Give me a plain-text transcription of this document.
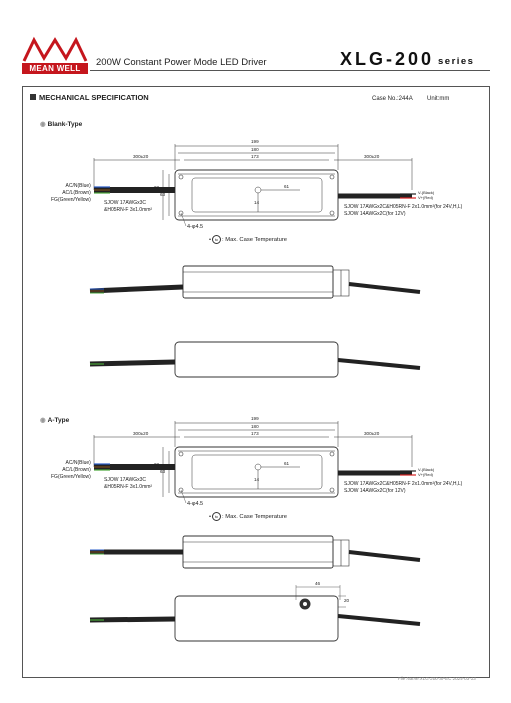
MEAN WELL
200W Constant Power Mode LED Driver	XLG-200 series
MECHANICAL SPECIFICATION	Case No.:244A Unit:mm
◉ Blank-Type
199
180
173
300±20	300±20
68
63
61
14
AC/N(Blue)
AC/L(Brown)
FG(Green/Yellow)	SJOW 17AWGx3C
&H05RN-F 3x1.0mm²
V-(Black)
V+(Red)
SJOW 17AWGx2C&H05RN-F 2x1.0mm²(for 24V,H,L)
SJOW 14AWGx2C(for 12V)
4-φ4.5
• tc : Max. Case Temperature
◉ A-Type	199
180
173
300±20	300±20
68
63
61
14
46
20
AC/N(Blue)
AC/L(Brown)
FG(Green/Yellow)	SJOW 17AWGx3C
&H05RN-F 3x1.0mm²
V-(Black)
V+(Red)
SJOW 17AWGx2C&H05RN-F 2x1.0mm²(for 24V,H,L)
SJOW 14AWGx2C(for 12V)
4-φ4.5
• tc : Max. Case Temperature
File Name:XLG-200-SPEC 2024-03-13
